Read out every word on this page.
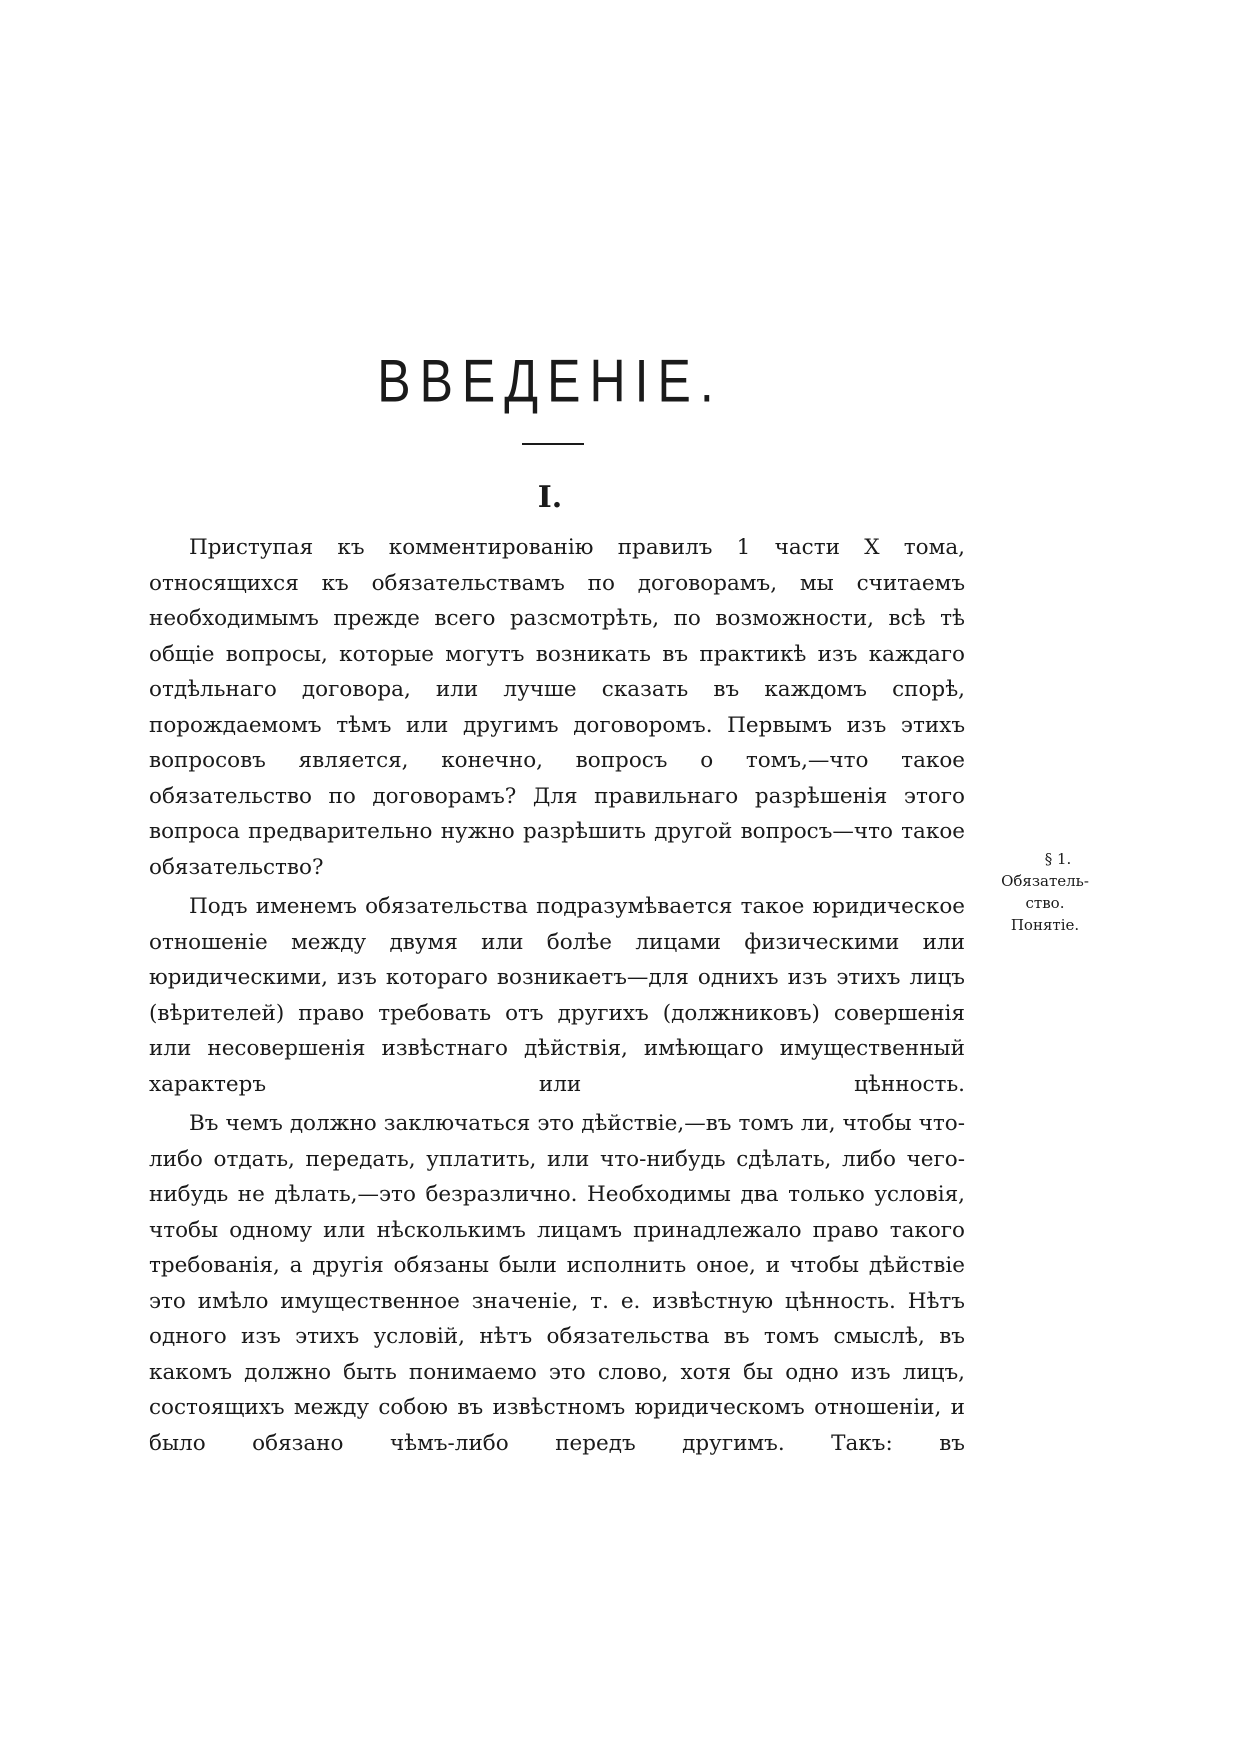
ВВЕДЕНІЕ.
I.

Приступая къ комментированію правилъ 1 части X тома, относящихся къ обязательствамъ по договорамъ, мы считаемъ необходимымъ прежде всего разсмотрѣть, по возможности, всѣ тѣ общіе вопросы, которые могутъ возникать въ практикѣ изъ каждаго отдѣльнаго договора, или лучше сказать въ каждомъ спорѣ, порождаемомъ тѣмъ или другимъ договоромъ. Первымъ изъ этихъ вопросовъ является, конечно, вопросъ о томъ,—что такое обязательство по договорамъ? Для правильнаго разрѣшенія этого вопроса предварительно нужно разрѣшить другой вопросъ—что такое обязательство?

Подъ именемъ обязательства подразумѣвается такое юридическое отношеніе между двумя или болѣе лицами физическими или юридическими, изъ котораго возникаетъ—для однихъ изъ этихъ лицъ (вѣрителей) право требовать отъ другихъ (должниковъ) совершенія или несовершенія извѣстнаго дѣйствія, имѣющаго имущественный характеръ или цѣнность.

Въ чемъ должно заключаться это дѣйствіе,—въ томъ ли, чтобы что-либо отдать, передать, уплатить, или что-нибудь сдѣлать, либо чего-нибудь не дѣлать,—это безразлично. Необходимы два только условія, чтобы одному или нѣсколькимъ лицамъ принадлежало право такого требованія, а другія обязаны были исполнить оное, и чтобы дѣйствіе это имѣло имущественное значеніе, т. е. извѣстную цѣнность. Нѣтъ одного изъ этихъ условій, нѣтъ обязательства въ томъ смыслѣ, въ какомъ должно быть понимаемо это слово, хотя бы одно изъ лицъ, состоящихъ между собою въ извѣстномъ юридическомъ отношеніи, и было обязано чѣмъ-либо передъ другимъ. Такъ: въ

§ 1.
Обязатель-
ство.
Понятіе.
